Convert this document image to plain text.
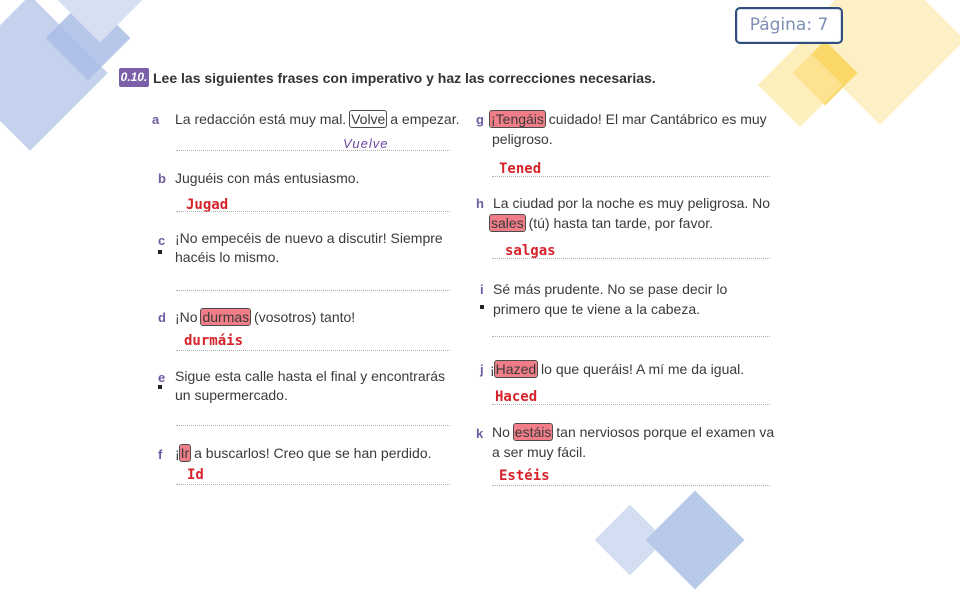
Página: 7
0.10. Lee las siguientes frases con imperativo y haz las correcciones necesarias.
a La redacción está muy mal. Volve a empezar.
Vuelve
b Juguéis con más entusiasmo.
Jugad
c ¡No empecéis de nuevo a discutir! Siempre
hacéis lo mismo.
d ¡No durmas (vosotros) tanto!
durmáis
e Sigue esta calle hasta el final y encontrarás
un supermercado.
f ¡Ir a buscarlos! Creo que se han perdido.
Id
g ¡Tengáis cuidado! El mar Cantábrico es muy
peligroso.
Tened
h La ciudad por la noche es muy peligrosa. No
sales (tú) hasta tan tarde, por favor.
salgas
i Sé más prudente. No se pase decir lo
primero que te viene a la cabeza.
j ¡Hazed lo que queráis! A mí me da igual.
Haced
k No estáis tan nerviosos porque el examen va
a ser muy fácil.
Estéis
